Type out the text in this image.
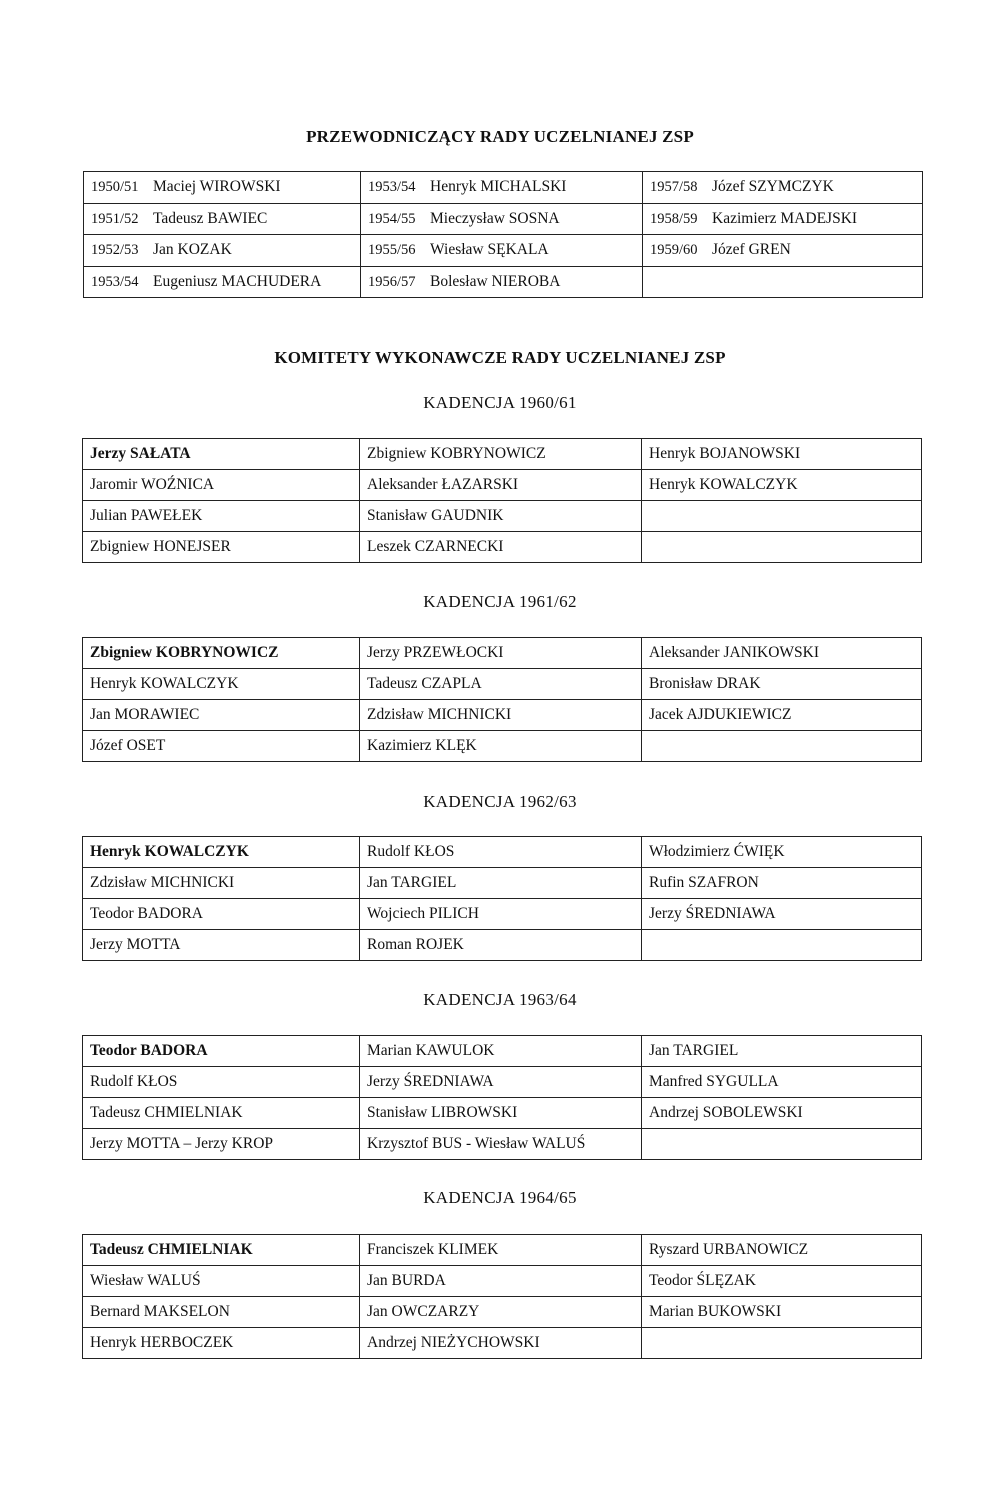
PRZEWODNICZĄCY RADY UCZELNIANEJ ZSP
1950/51 Maciej WIROWSKI	1953/54 Henryk MICHALSKI	1957/58 Józef SZYMCZYK
1951/52 Tadeusz BAWIEC	1954/55 Mieczysław SOSNA	1958/59 Kazimierz MADEJSKI
1952/53 Jan KOZAK	1955/56 Wiesław SĘKALA	1959/60 Józef GREN
1953/54 Eugeniusz MACHUDERA	1956/57 Bolesław NIEROBA	
KOMITETY WYKONAWCZE RADY UCZELNIANEJ ZSP
KADENCJA 1960/61
Jerzy SAŁATA	Zbigniew KOBRYNOWICZ	Henryk BOJANOWSKI
Jaromir WOŹNICA	Aleksander ŁAZARSKI	Henryk KOWALCZYK
Julian PAWEŁEK	Stanisław GAUDNIK	
Zbigniew HONEJSER	Leszek CZARNECKI	
KADENCJA 1961/62
Zbigniew KOBRYNOWICZ	Jerzy PRZEWŁOCKI	Aleksander JANIKOWSKI
Henryk KOWALCZYK	Tadeusz CZAPLA	Bronisław DRAK
Jan MORAWIEC	Zdzisław MICHNICKI	Jacek AJDUKIEWICZ
Józef OSET	Kazimierz KLĘK	
KADENCJA 1962/63
Henryk KOWALCZYK	Rudolf KŁOS	Włodzimierz ĆWIĘK
Zdzisław MICHNICKI	Jan TARGIEL	Rufin SZAFRON
Teodor BADORA	Wojciech PILICH	Jerzy ŚREDNIAWA
Jerzy MOTTA	Roman ROJEK	
KADENCJA 1963/64
Teodor BADORA	Marian KAWULOK	Jan TARGIEL
Rudolf KŁOS	Jerzy ŚREDNIAWA	Manfred SYGULLA
Tadeusz CHMIELNIAK	Stanisław LIBROWSKI	Andrzej SOBOLEWSKI
Jerzy MOTTA – Jerzy KROP	Krzysztof BUS - Wiesław WALUŚ	
KADENCJA 1964/65
Tadeusz CHMIELNIAK	Franciszek KLIMEK	Ryszard URBANOWICZ
Wiesław WALUŚ	Jan BURDA	Teodor ŚLĘZAK
Bernard MAKSELON	Jan OWCZARZY	Marian BUKOWSKI
Henryk HERBOCZEK	Andrzej NIEŻYCHOWSKI	
